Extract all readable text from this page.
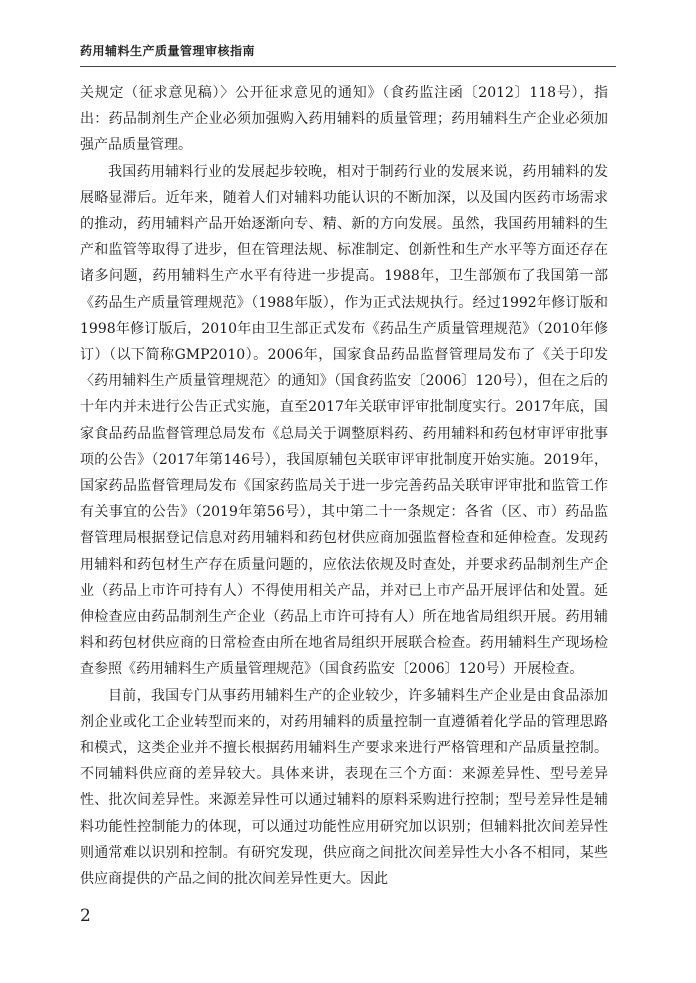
药用辅料生产质量管理审核指南

关规定（征求意见稿）〉公开征求意见的通知》（食药监注函〔2012〕118号），指出：药品制剂生产企业必须加强购入药用辅料的质量管理；药用辅料生产企业必须加强产品质量管理。

我国药用辅料行业的发展起步较晚，相对于制药行业的发展来说，药用辅料的发展略显滞后。近年来，随着人们对辅料功能认识的不断加深，以及国内医药市场需求的推动，药用辅料产品开始逐渐向专、精、新的方向发展。虽然，我国药用辅料的生产和监管等取得了进步，但在管理法规、标准制定、创新性和生产水平等方面还存在诸多问题，药用辅料生产水平有待进一步提高。1988年，卫生部颁布了我国第一部《药品生产质量管理规范》（1988年版），作为正式法规执行。经过1992年修订版和1998年修订版后，2010年由卫生部正式发布《药品生产质量管理规范》（2010年修订）（以下简称GMP2010）。2006年，国家食品药品监督管理局发布了《关于印发〈药用辅料生产质量管理规范〉的通知》（国食药监安〔2006〕120号），但在之后的十年内并未进行公告正式实施，直至2017年关联审评审批制度实行。2017年底，国家食品药品监督管理总局发布《总局关于调整原料药、药用辅料和药包材审评审批事项的公告》（2017年第146号），我国原辅包关联审评审批制度开始实施。2019年，国家药品监督管理局发布《国家药监局关于进一步完善药品关联审评审批和监管工作有关事宜的公告》（2019年第56号），其中第二十一条规定：各省（区、市）药品监督管理局根据登记信息对药用辅料和药包材供应商加强监督检查和延伸检查。发现药用辅料和药包材生产存在质量问题的，应依法依规及时查处，并要求药品制剂生产企业（药品上市许可持有人）不得使用相关产品，并对已上市产品开展评估和处置。延伸检查应由药品制剂生产企业（药品上市许可持有人）所在地省局组织开展。药用辅料和药包材供应商的日常检查由所在地省局组织开展联合检查。药用辅料生产现场检查参照《药用辅料生产质量管理规范》（国食药监安〔2006〕120号）开展检查。

目前，我国专门从事药用辅料生产的企业较少，许多辅料生产企业是由食品添加剂企业或化工企业转型而来的，对药用辅料的质量控制一直遵循着化学品的管理思路和模式，这类企业并不擅长根据药用辅料生产要求来进行严格管理和产品质量控制。不同辅料供应商的差异较大。具体来讲，表现在三个方面：来源差异性、型号差异性、批次间差异性。来源差异性可以通过辅料的原料采购进行控制；型号差异性是辅料功能性控制能力的体现，可以通过功能性应用研究加以识别；但辅料批次间差异性则通常难以识别和控制。有研究发现，供应商之间批次间差异性大小各不相同，某些供应商提供的产品之间的批次间差异性更大。因此

2
